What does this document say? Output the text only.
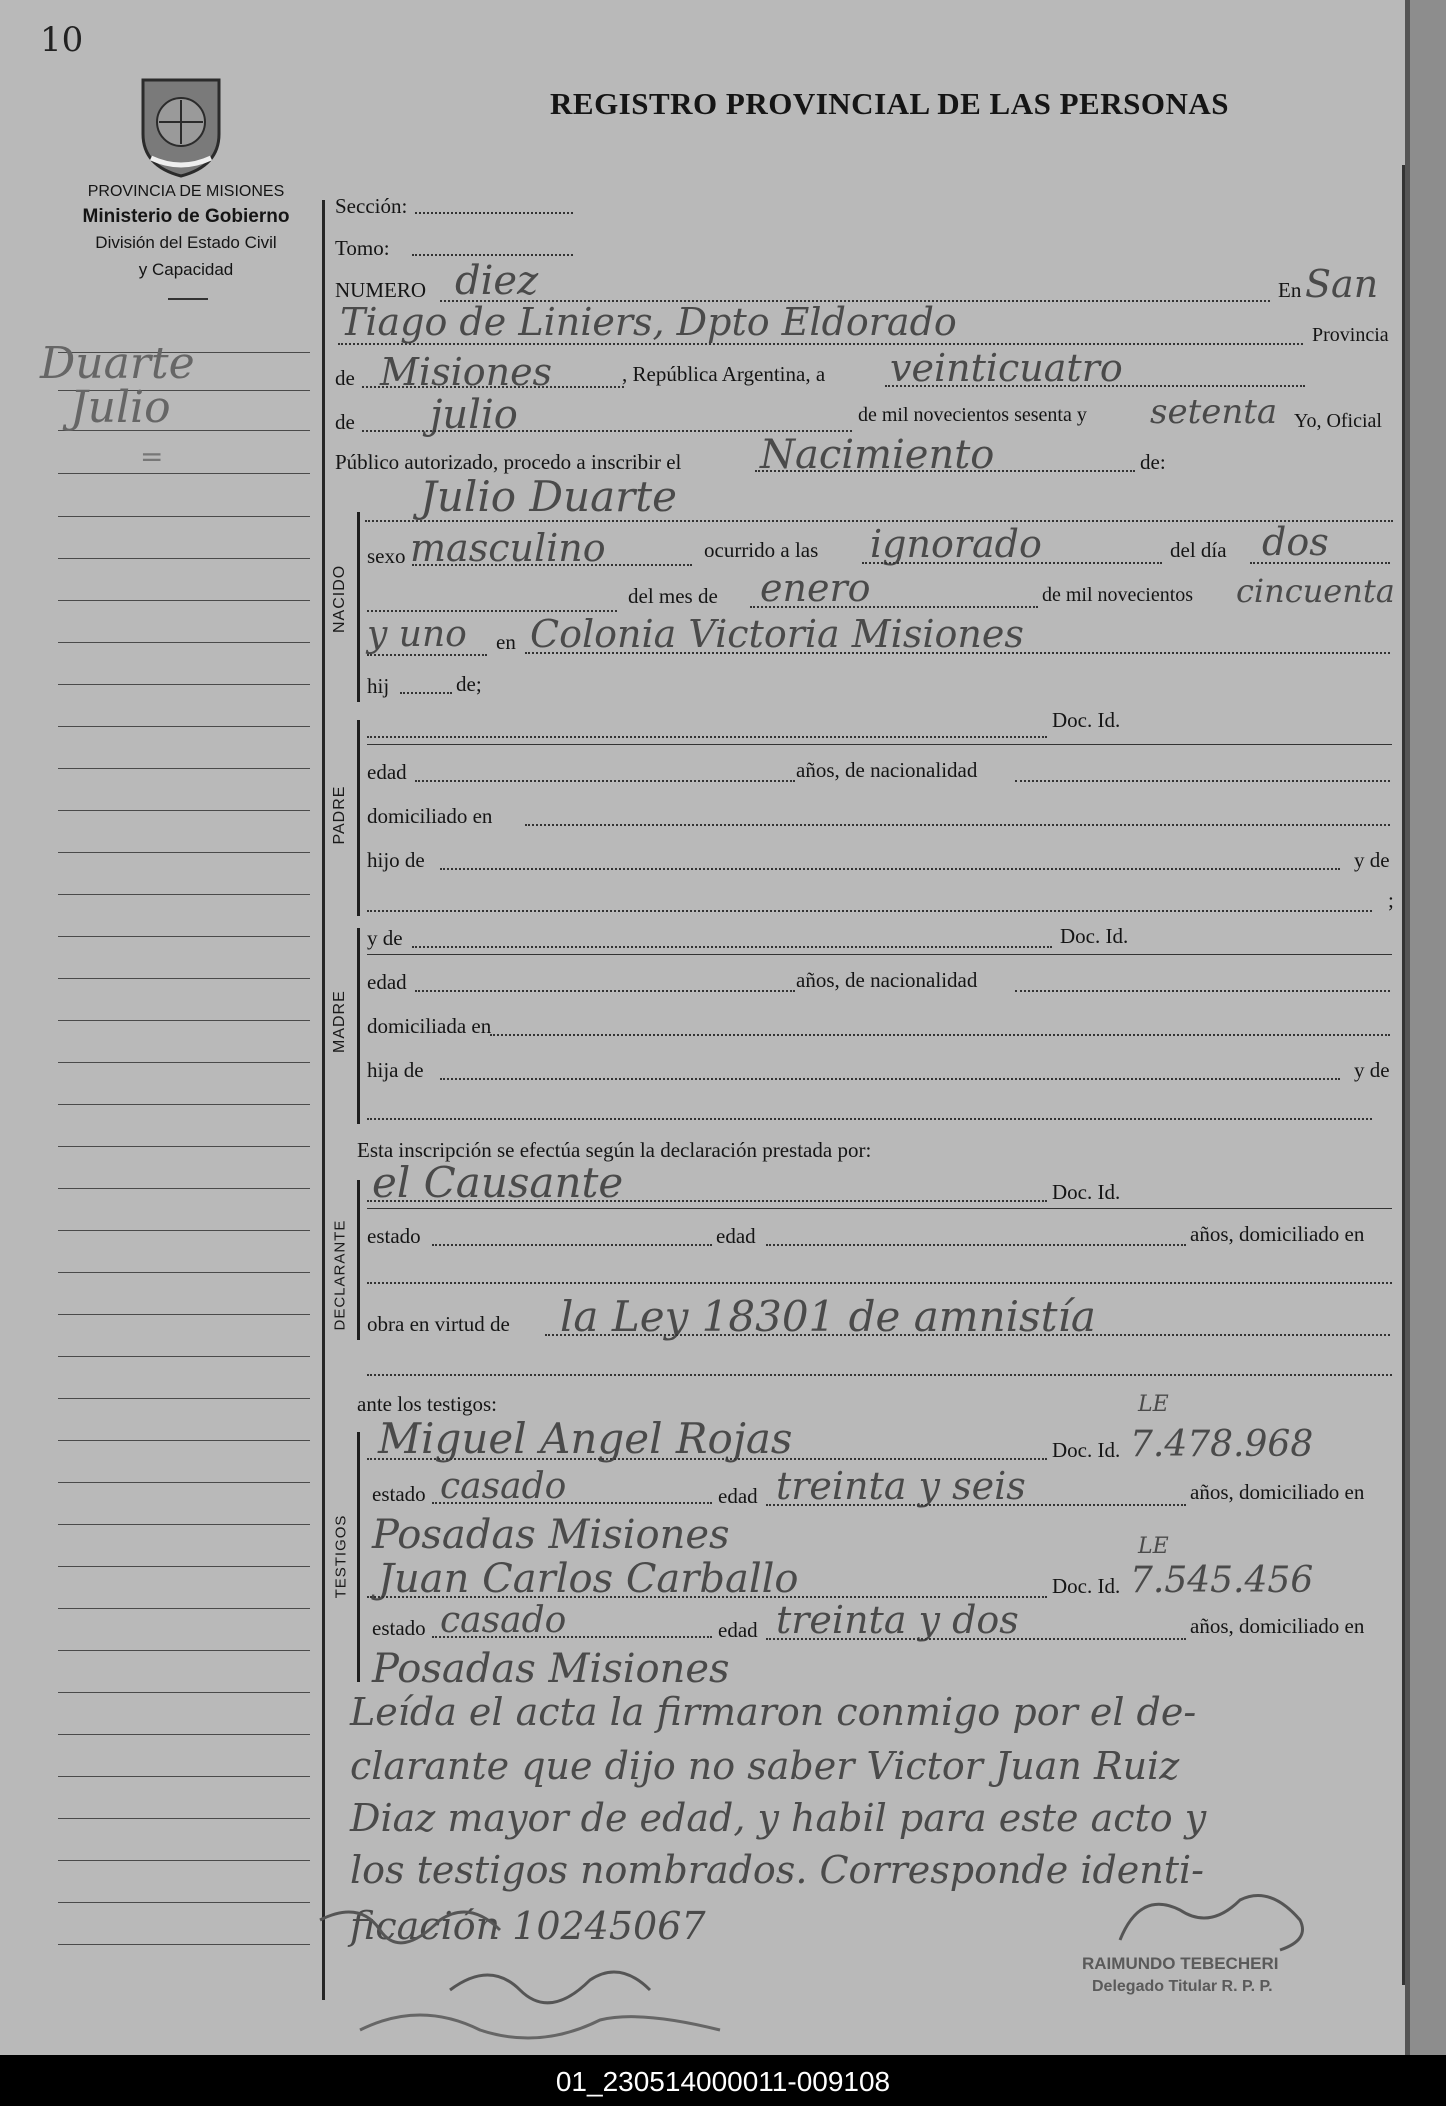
10
PROVINCIA DE MISIONES
Ministerio de Gobierno
División del Estado Civil
y Capacidad
REGISTRO PROVINCIAL DE LAS PERSONAS
Duarte
Julio
=
Sección:
Tomo:
NUMERO diez	En San
Tiago de Liniers, Dpto Eldorado	Provincia
de Misiones	, República Argentina, a veinticuatro
de julio	de mil novecientos sesenta y setenta Yo, Oficial
Público autorizado, procedo a inscribir el Nacimiento	de:
NACIDO
Julio Duarte
sexo masculino	ocurrido a las ignorado	del día dos
del mes de enero	de mil novecientos cincuenta
y uno en Colonia Victoria Misiones
hij	de;
PADRE
Doc. Id.
edad	años, de nacionalidad
domiciliado en
hijo de	y de
;
MADRE
y de	Doc. Id.
edad	años, de nacionalidad
domiciliada en
hija de	y de
Esta inscripción se efectúa según la declaración prestada por:
DECLARANTE
el Causante	Doc. Id.
estado	edad	años, domiciliado en
obra en virtud de la Ley 18301 de amnistía
ante los testigos:
TESTIGOS
Miguel Angel Rojas	Doc. Id. 7.478.968
LE
estado casado	edad treinta y seis	años, domiciliado en
Posadas Misiones
Juan Carlos Carballo	Doc. Id. 7.545.456
LE
estado casado	edad treinta y dos	años, domiciliado en
Posadas Misiones
Leída el acta la firmaron conmigo por el de-
clarante que dijo no saber Victor Juan Ruiz
Diaz mayor de edad, y habil para este acto y
los testigos nombrados. Corresponde identi-
ficación 10245067
RAIMUNDO TEBECHERI
Delegado Titular R. P. P.
01_230514000011-009108
